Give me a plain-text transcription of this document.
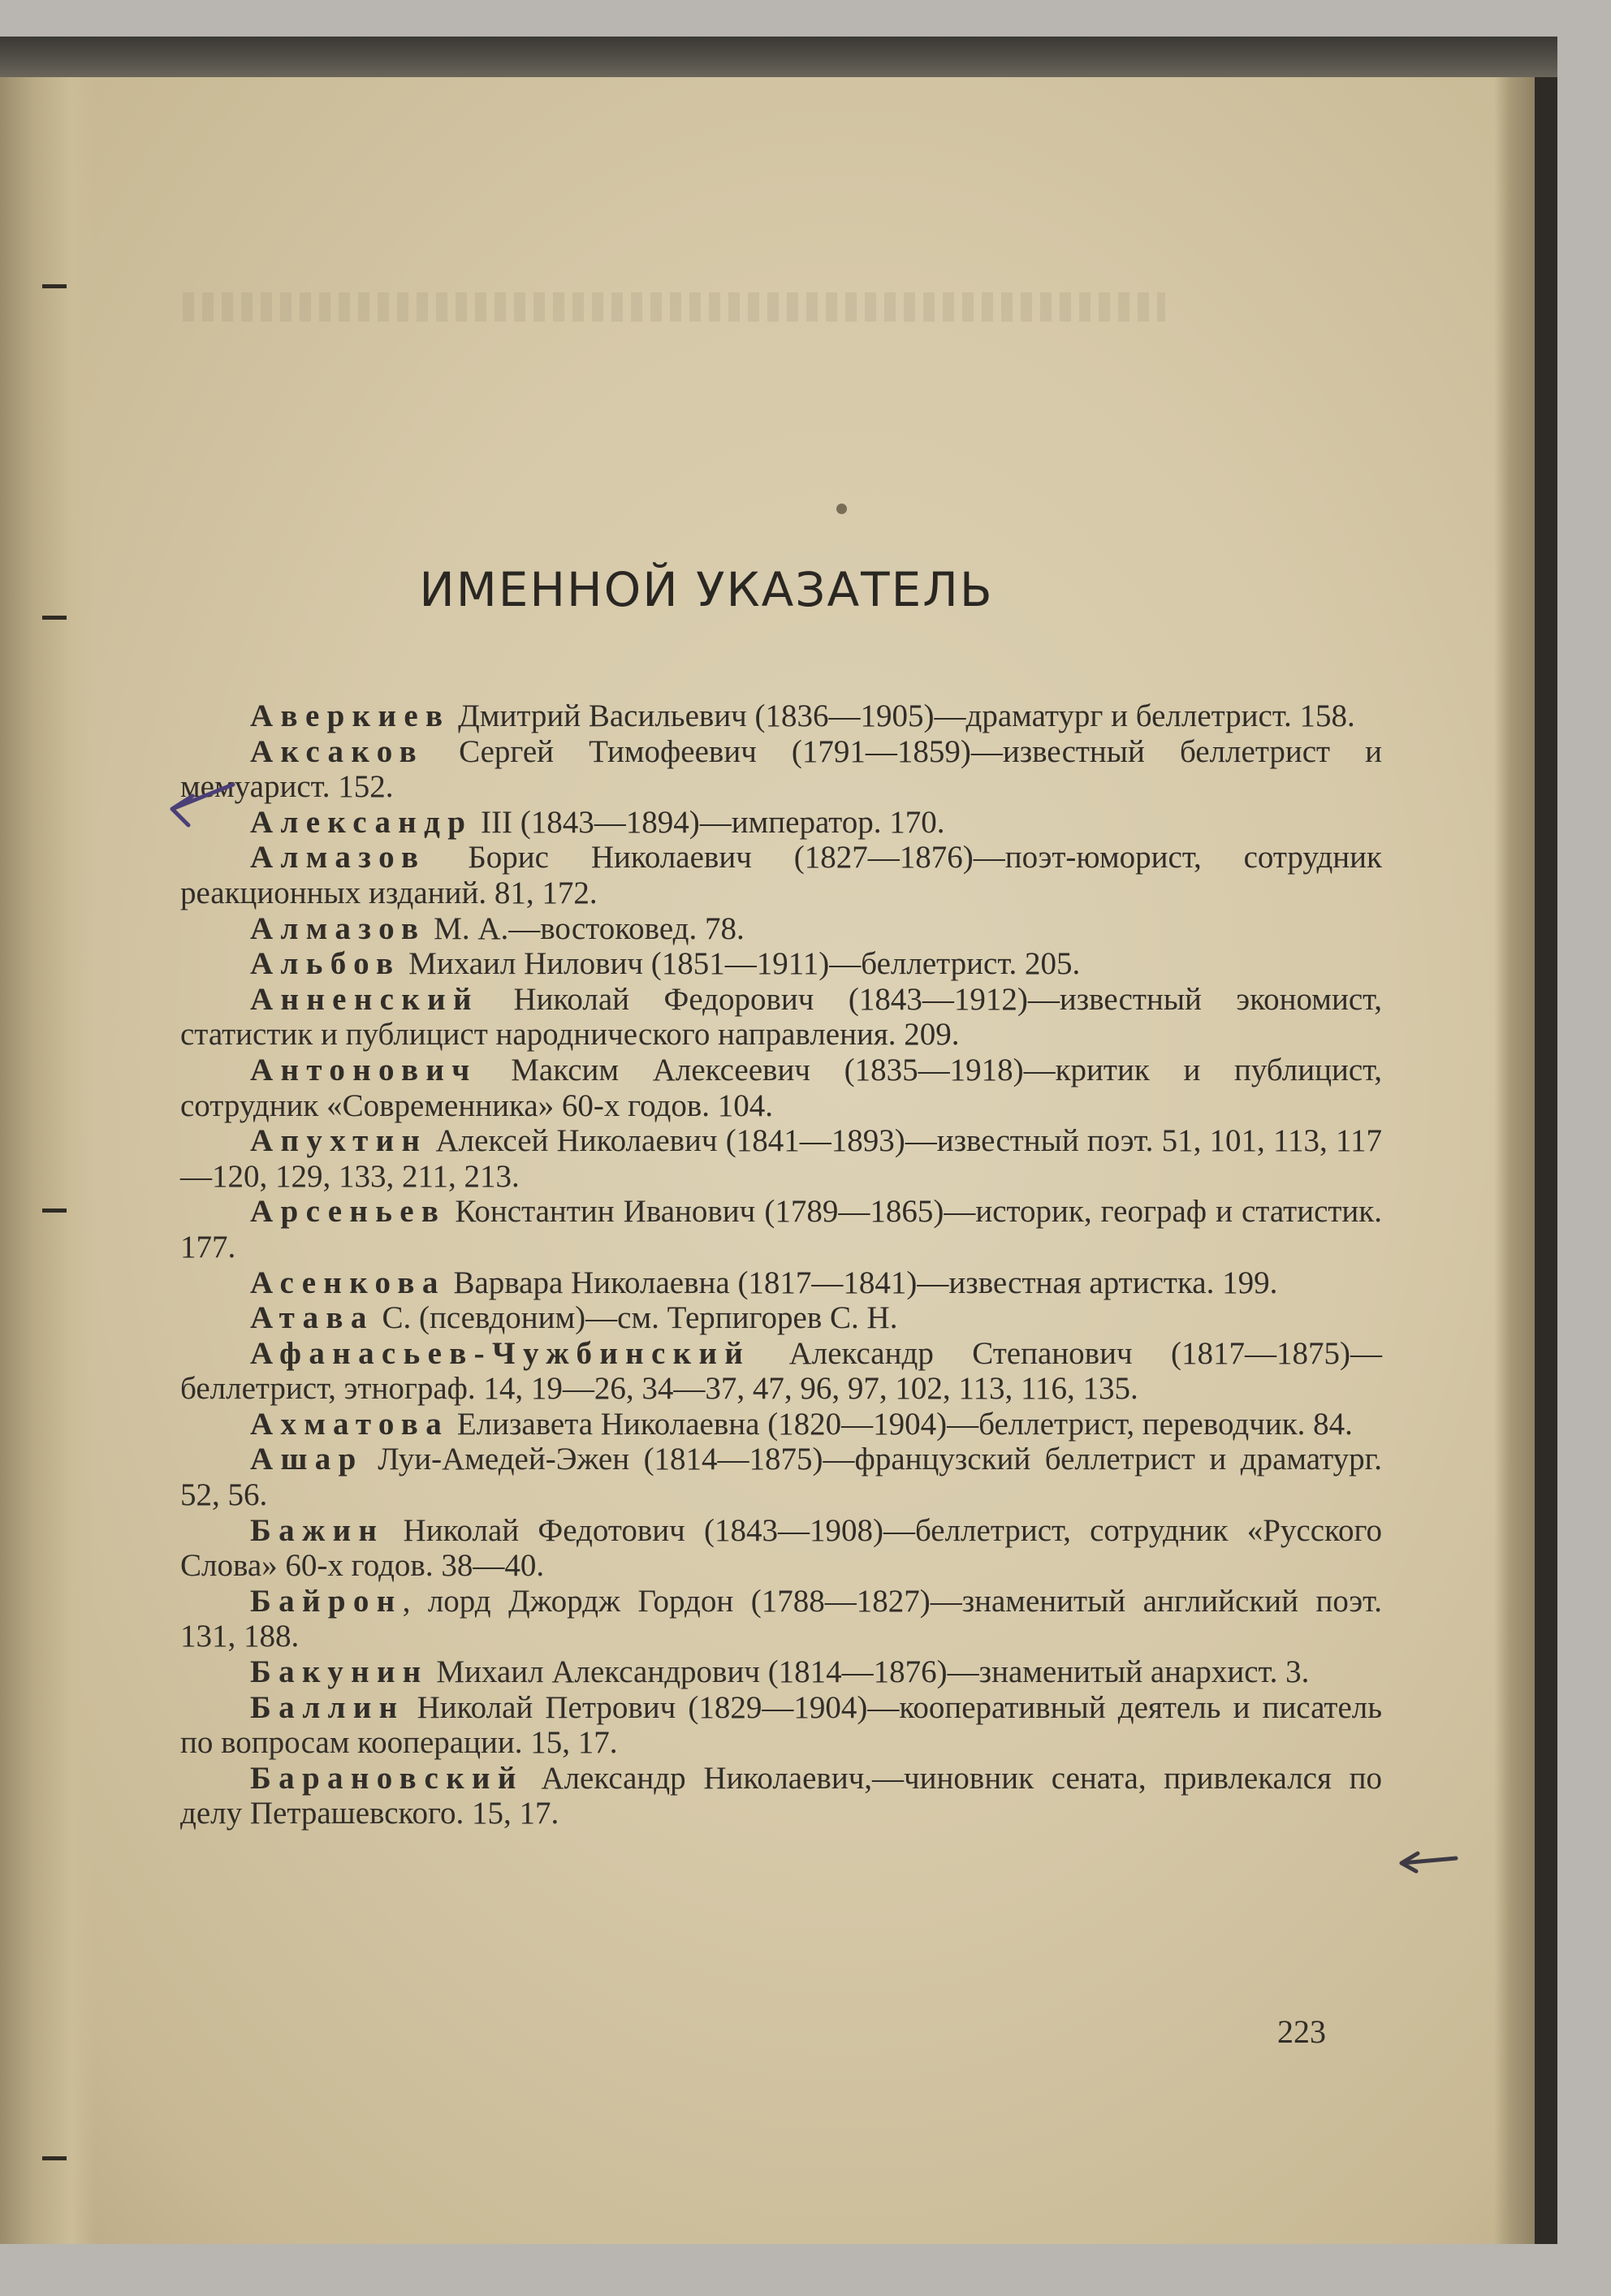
ИМЕННОЙ УКАЗАТЕЛЬ

Аверкиев Дмитрий Васильевич (1836—1905)—драматург и беллетрист. 158.

Аксаков Сергей Тимофеевич (1791—1859)—известный беллетрист и мемуарист. 152.

Александр III (1843—1894)—император. 170.

Алмазов Борис Николаевич (1827—1876)—поэт-юморист, сотрудник реакционных изданий. 81, 172.

Алмазов М. А.—востоковед. 78.

Альбов Михаил Нилович (1851—1911)—беллетрист. 205.

Анненский Николай Федорович (1843—1912)—известный экономист, статистик и публицист народнического направления. 209.

Антонович Максим Алексеевич (1835—1918)—критик и публицист, сотрудник «Современника» 60-х годов. 104.

Апухтин Алексей Николаевич (1841—1893)—известный поэт. 51, 101, 113, 117—120, 129, 133, 211, 213.

Арсеньев Константин Иванович (1789—1865)—историк, географ и статистик. 177.

Асенкова Варвара Николаевна (1817—1841)—известная артистка. 199.

Атава С. (псевдоним)—см. Терпигорев С. Н.

Афанасьев-Чужбинский Александр Степанович (1817—1875)—беллетрист, этнограф. 14, 19—26, 34—37, 47, 96, 97, 102, 113, 116, 135.

Ахматова Елизавета Николаевна (1820—1904)—беллетрист, переводчик. 84.

Ашар Луи-Амедей-Эжен (1814—1875)—французский беллетрист и драматург. 52, 56.

Бажин Николай Федотович (1843—1908)—беллетрист, сотрудник «Русского Слова» 60-х годов. 38—40.

Байрон, лорд Джордж Гордон (1788—1827)—знаменитый английский поэт. 131, 188.

Бакунин Михаил Александрович (1814—1876)—знаменитый анархист. 3.

Баллин Николай Петрович (1829—1904)—кооперативный деятель и писатель по вопросам кооперации. 15, 17.

Барановский Александр Николаевич,—чиновник сената, привлекался по делу Петрашевского. 15, 17.

223
